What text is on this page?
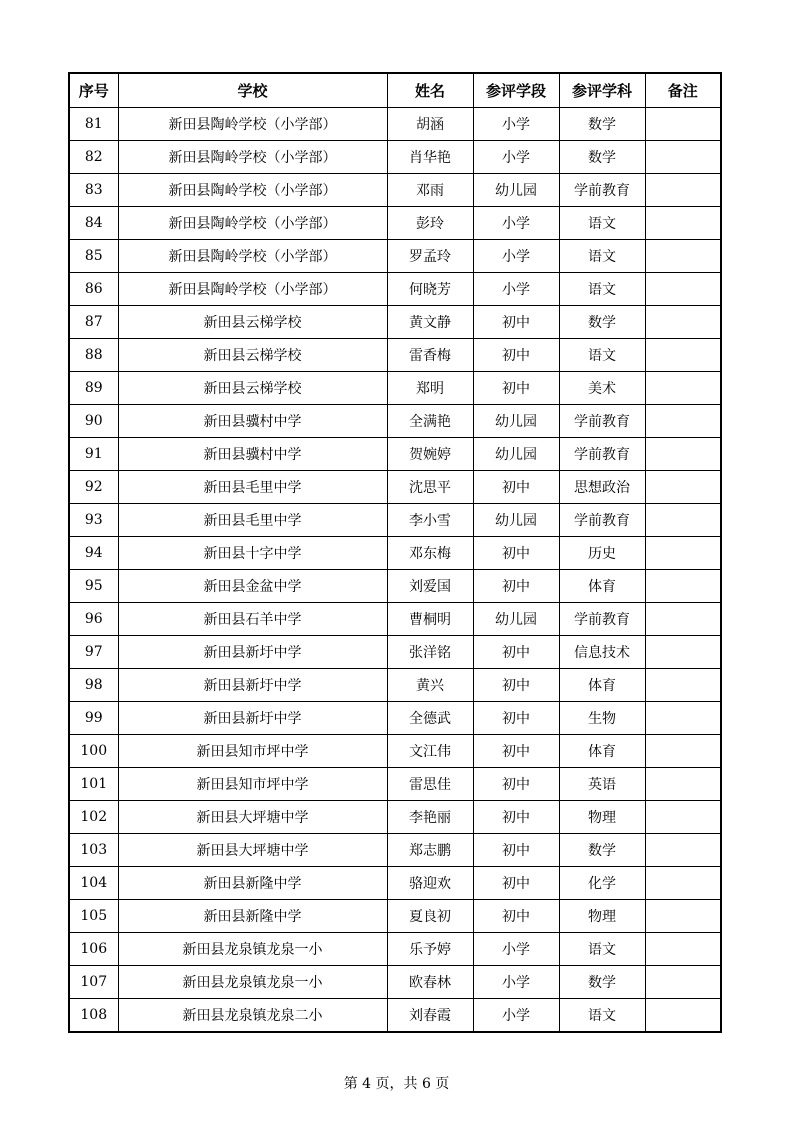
序号	学校	姓名	参评学段	参评学科	备注
81	新田县陶岭学校（小学部）	胡涵	小学	数学	
82	新田县陶岭学校（小学部）	肖华艳	小学	数学	
83	新田县陶岭学校（小学部）	邓雨	幼儿园	学前教育	
84	新田县陶岭学校（小学部）	彭玲	小学	语文	
85	新田县陶岭学校（小学部）	罗孟玲	小学	语文	
86	新田县陶岭学校（小学部）	何晓芳	小学	语文	
87	新田县云梯学校	黄文静	初中	数学	
88	新田县云梯学校	雷香梅	初中	语文	
89	新田县云梯学校	郑明	初中	美术	
90	新田县骥村中学	全满艳	幼儿园	学前教育	
91	新田县骥村中学	贺婉婷	幼儿园	学前教育	
92	新田县毛里中学	沈思平	初中	思想政治	
93	新田县毛里中学	李小雪	幼儿园	学前教育	
94	新田县十字中学	邓东梅	初中	历史	
95	新田县金盆中学	刘爱国	初中	体育	
96	新田县石羊中学	曹桐明	幼儿园	学前教育	
97	新田县新圩中学	张洋铭	初中	信息技术	
98	新田县新圩中学	黄兴	初中	体育	
99	新田县新圩中学	全德武	初中	生物	
100	新田县知市坪中学	文江伟	初中	体育	
101	新田县知市坪中学	雷思佳	初中	英语	
102	新田县大坪塘中学	李艳丽	初中	物理	
103	新田县大坪塘中学	郑志鹏	初中	数学	
104	新田县新隆中学	骆迎欢	初中	化学	
105	新田县新隆中学	夏良初	初中	物理	
106	新田县龙泉镇龙泉一小	乐予婷	小学	语文	
107	新田县龙泉镇龙泉一小	欧春林	小学	数学	
108	新田县龙泉镇龙泉二小	刘春霞	小学	语文	
第 4 页，共 6 页
